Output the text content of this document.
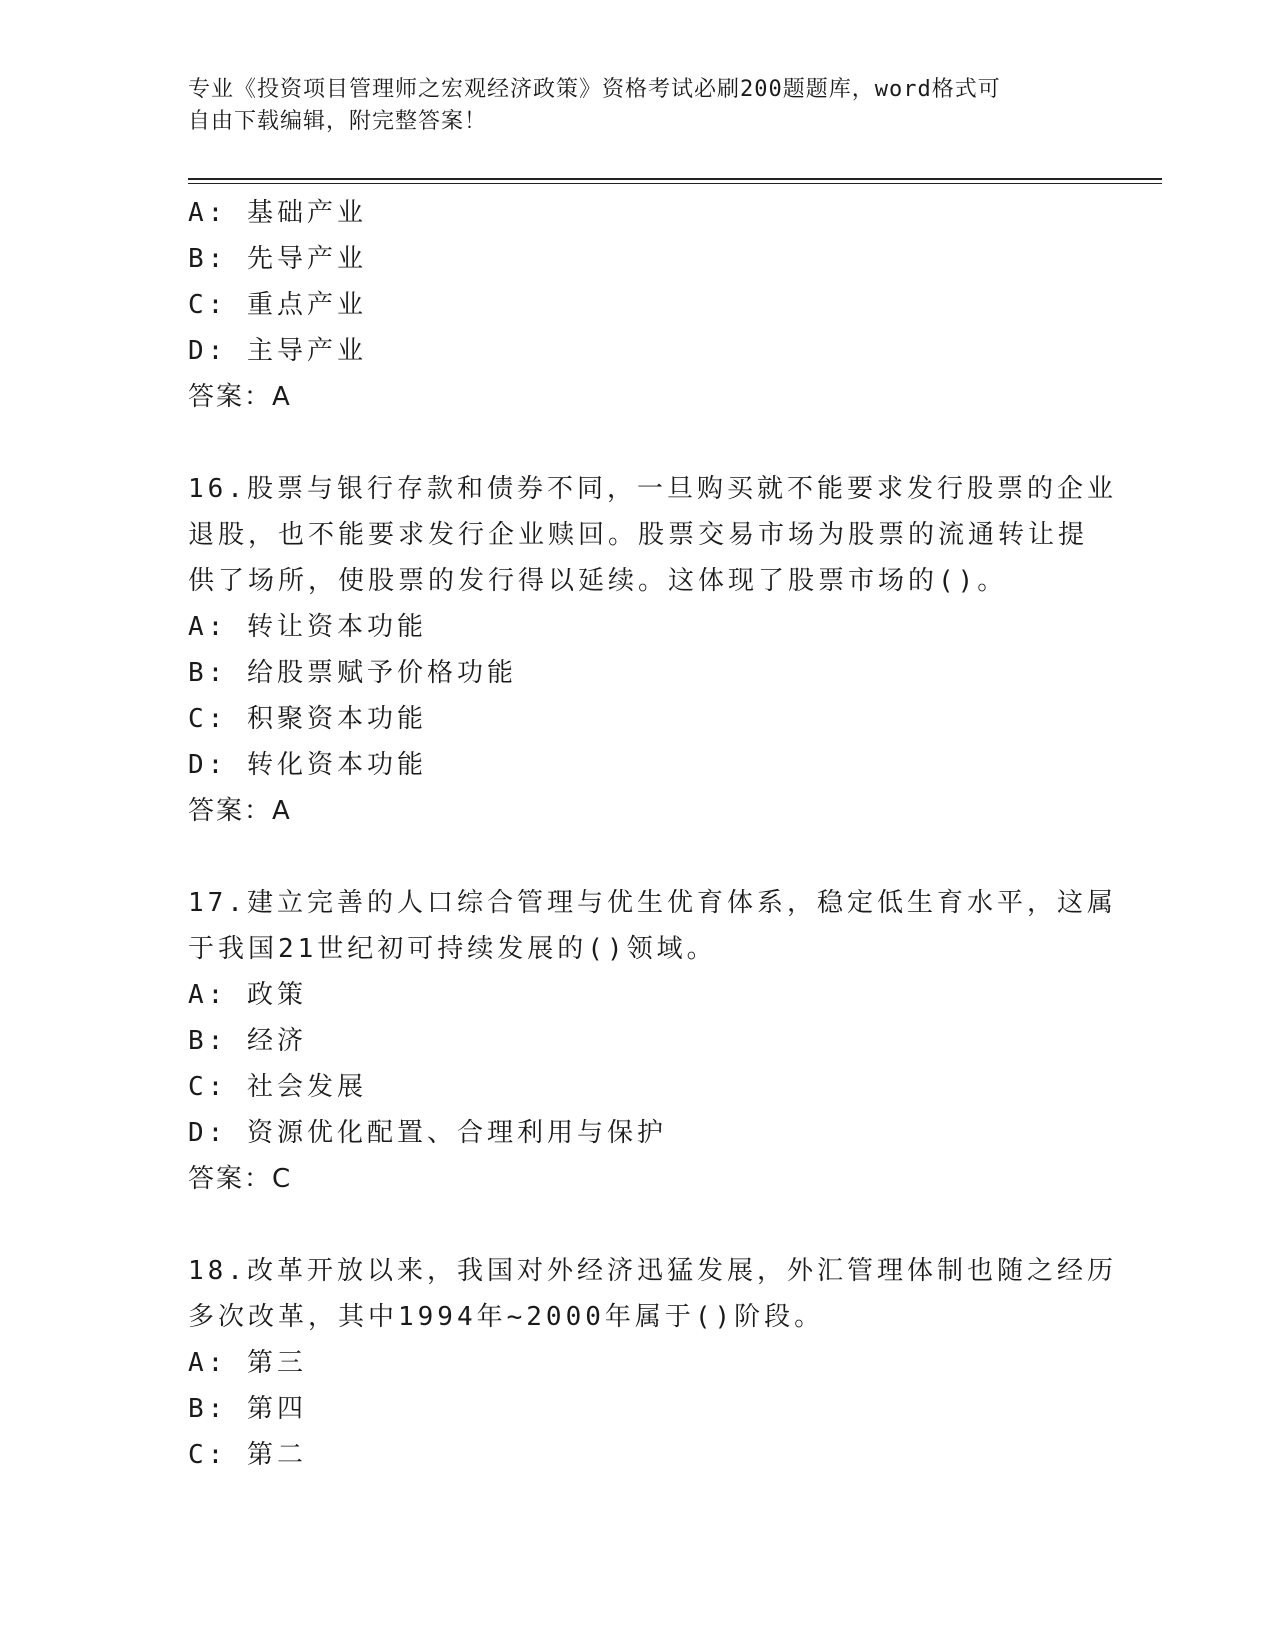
专业《投资项目管理师之宏观经济政策》资格考试必刷200题题库，word格式可
自由下载编辑，附完整答案！
A: 基础产业
B: 先导产业
C: 重点产业
D: 主导产业
答案：A
16.股票与银行存款和债券不同，一旦购买就不能要求发行股票的企业
退股，也不能要求发行企业赎回。股票交易市场为股票的流通转让提
供了场所，使股票的发行得以延续。这体现了股票市场的()。
A: 转让资本功能
B: 给股票赋予价格功能
C: 积聚资本功能
D: 转化资本功能
答案：A
17.建立完善的人口综合管理与优生优育体系，稳定低生育水平，这属
于我国21世纪初可持续发展的()领域。
A: 政策
B: 经济
C: 社会发展
D: 资源优化配置、合理利用与保护
答案：C
18.改革开放以来，我国对外经济迅猛发展，外汇管理体制也随之经历
多次改革，其中1994年~2000年属于()阶段。
A: 第三
B: 第四
C: 第二
